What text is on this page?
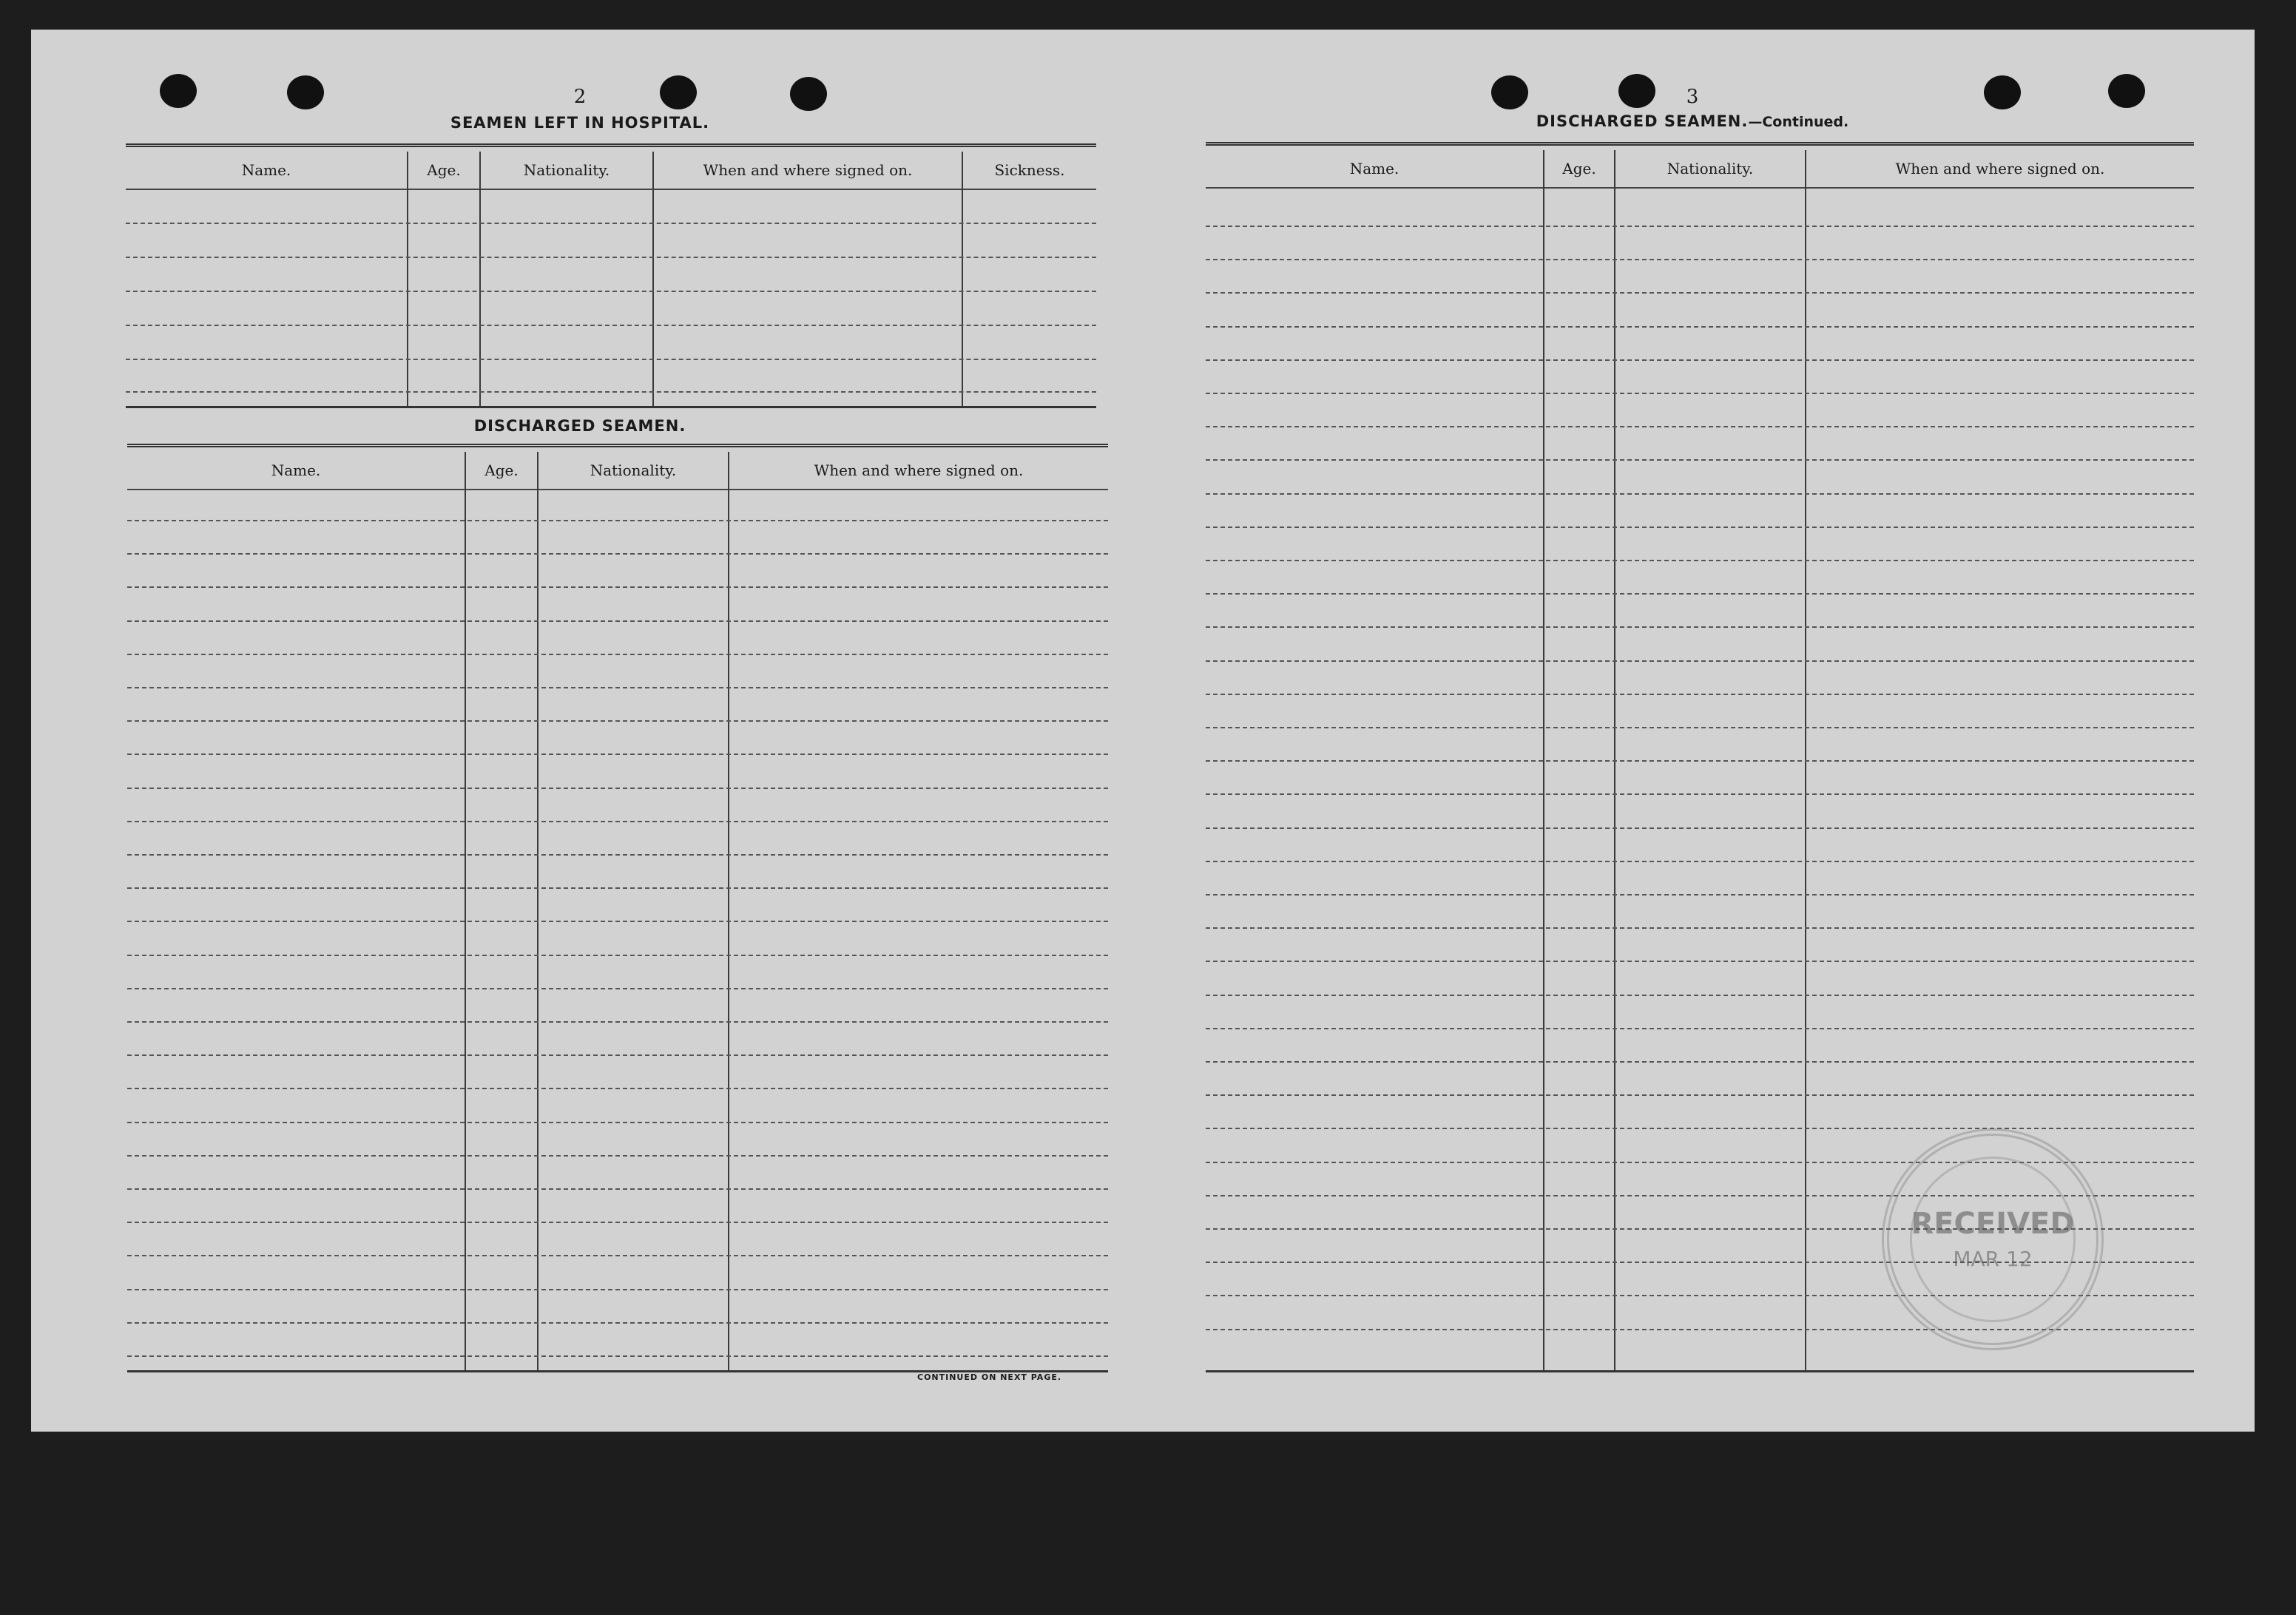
2
SEAMEN LEFT IN HOSPITAL.
Name.	Age.	Nationality.	When and where signed on.	Sickness.
DISCHARGED SEAMEN.
Name.	Age.	Nationality.	When and where signed on.
CONTINUED ON NEXT PAGE.
3
DISCHARGED SEAMEN.—Continued.
Name.	Age.	Nationality.	When and where signed on.
RECEIVED
MAR 12
